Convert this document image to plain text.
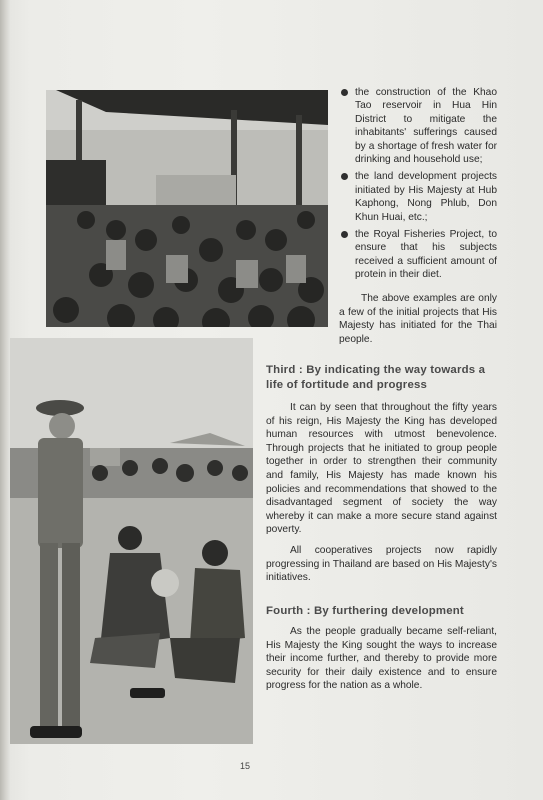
the construction of the Khao Tao reservoir in Hua Hin District to mitigate the inhabitants' sufferings caused by a shortage of fresh water for drinking and household use;
the land development projects initiated by His Majesty at Hub Kaphong, Nong Phlub, Don Khun Huai, etc.;
the Royal Fisheries Project, to ensure that his subjects received a sufficient amount of protein in their diet.

The above examples are only a few of the initial projects that His Majesty has initiated for the Thai people.

Third : By indicating the way towards a life of fortitude and progress

It can by seen that throughout the fifty years of his reign, His Majesty the King has developed human resources with utmost benevolence. Through projects that he initiated to group people together in order to strengthen their community and family, His Majesty has made known his policies and recommendations that showed to the disadvantaged segment of society the way whereby it can make a more secure stand against poverty.

All cooperatives projects now rapidly progressing in Thailand are based on His Majesty's initiatives.

Fourth : By furthering development

As the people gradually became self-reliant, His Majesty the King sought the ways to increase their income further, and thereby to provide more security for their daily existence and to ensure progress for the nation as a whole.

15
